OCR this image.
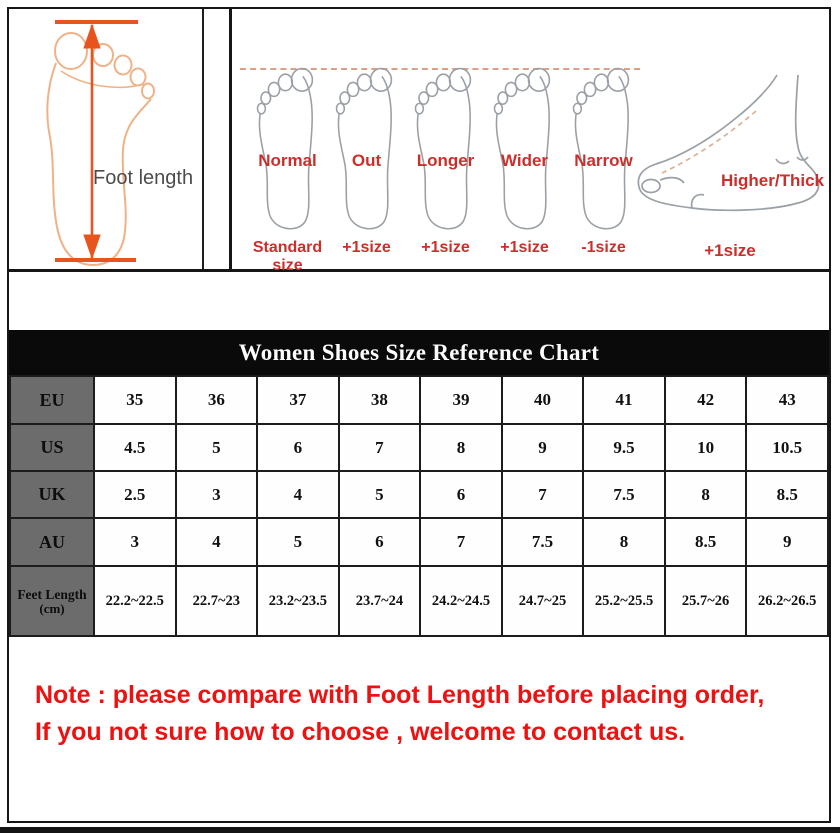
Foot length
Normal
Standard size
Out
+1size
Longer
+1size
Wider
+1size
Narrow
-1size
Higher/Thick
+1size
Women Shoes Size Reference Chart
EU	35	36	37	38	39	40	41	42	43

US	4.5	5	6	7	8	9	9.5	10	10.5

UK	2.5	3	4	5	6	7	7.5	8	8.5

AU	3	4	5	6	7	7.5	8	8.5	9

Feet Length
(cm)	22.2~22.5	22.7~23	23.2~23.5	23.7~24	24.2~24.5	24.7~25	25.2~25.5	25.7~26	26.2~26.5
Note : please compare with Foot Length before placing order,
If you not sure how to choose , welcome to contact us.
